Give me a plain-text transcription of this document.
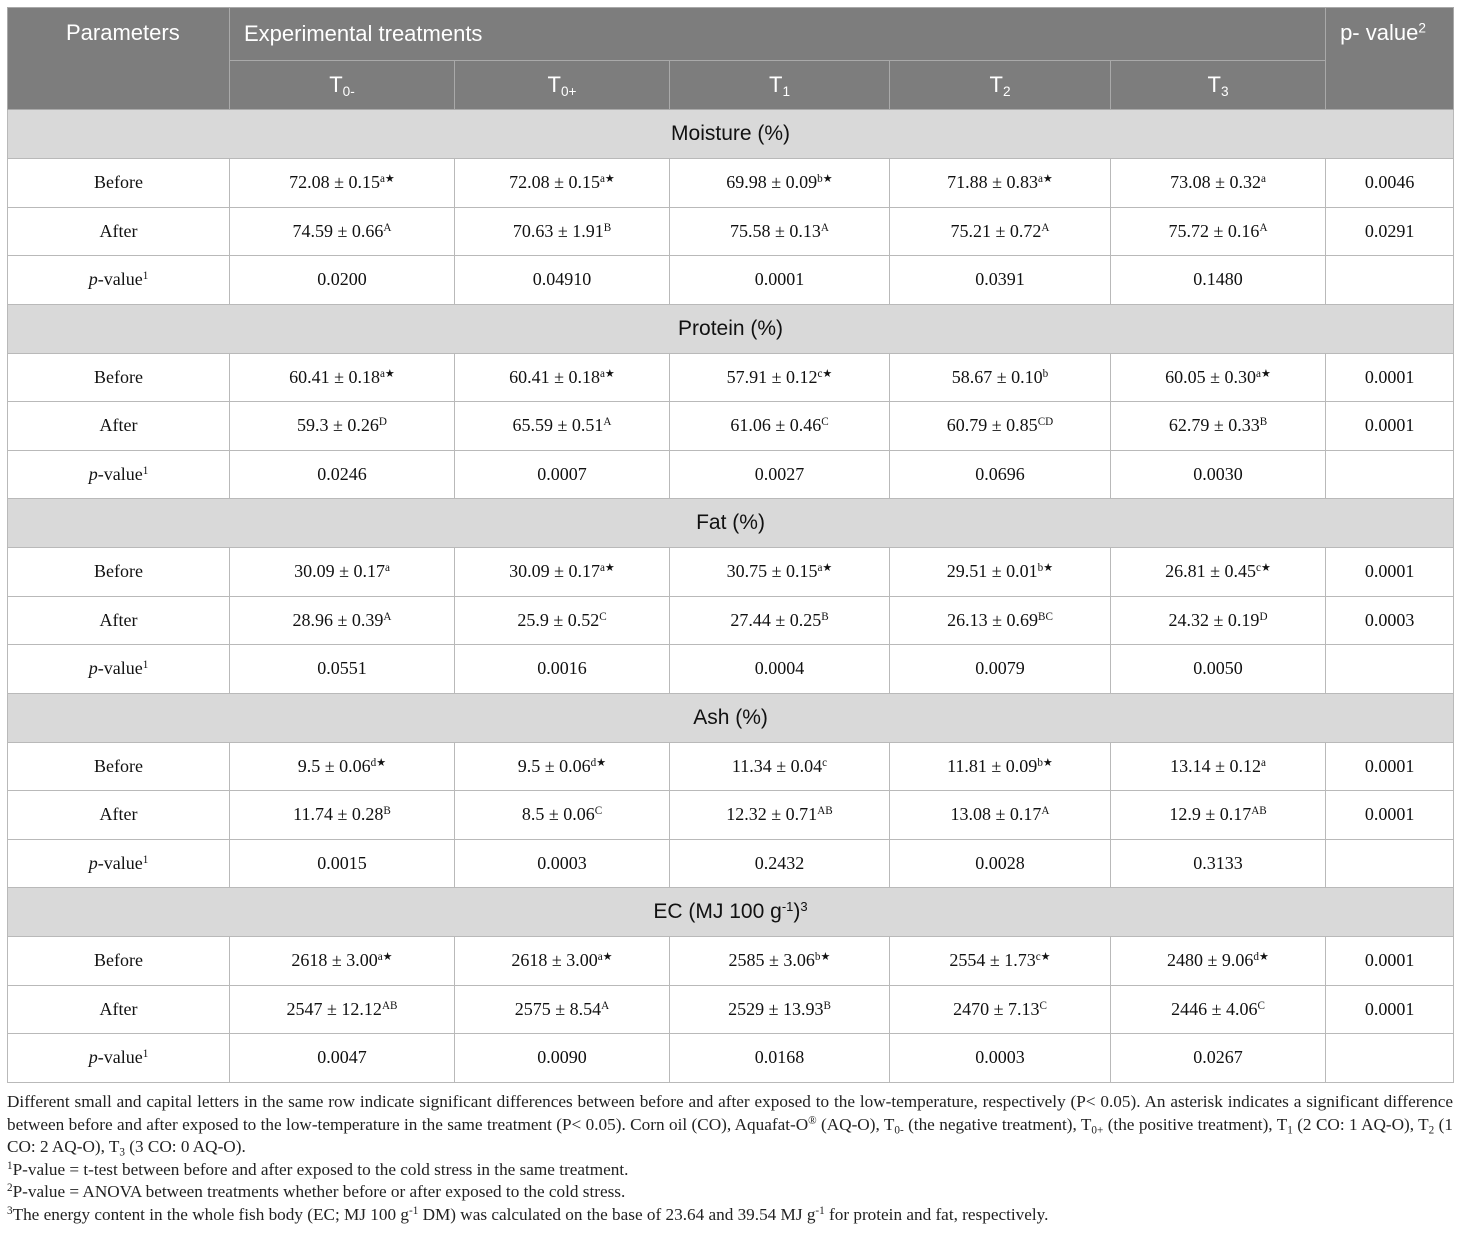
Parameters	Experimental treatments					p- value$^2$
	$T_{0-}$	$T_{0+}$	$T_1$	$T_2$	$T_3$
Moisture (%)						
Before	$72.08 \pm 0.15^{a★}$	$72.08 \pm 0.15^{a★}$	$69.98 \pm 0.09^{b★}$	$71.88 \pm 0.83^{a★}$	73.08 ± 0.32$^a$	0.0046
After	$74.59 \pm 0.66^A$	$70.63 \pm 1.91^B$	$75.58 \pm 0.13^A$	$75.21 \pm 0.72^A$	$75.72 \pm 0.16^A$	0.0291
p-value$^1$	0.0200	0.04910	0.0001	0.0391	0.1480	
Protein (%)						
Before	$60.41 \pm 0.18^{a★}$	$60.41 \pm 0.18^{a★}$	$57.91 \pm 0.12^{c★}$	58.67 ± 0.10$^b$	$60.05 \pm 0.30^{a★}$	0.0001
After	$59.3 \pm 0.26^D$	$65.59 \pm 0.51^A$	$61.06 \pm 0.46^C$	$60.79 \pm 0.85^{CD}$	$62.79 \pm 0.33^B$	0.0001
p-value$^1$	0.0246	0.0007	0.0027	0.0696	0.0030	
Fat (%)						
Before	30.09 ± 0.17$^a$	$30.09 \pm 0.17^{a★}$	$30.75 \pm 0.15^{a★}$	$29.51 \pm 0.01^{b★}$	$26.81 \pm 0.45^{c★}$	0.0001
After	$28.96 \pm 0.39^A$	$25.9 \pm 0.52^C$	$27.44 \pm 0.25^B$	$26.13 \pm 0.69^{BC}$	$24.32 \pm 0.19^D$	0.0003
p-value$^1$	0.0551	0.0016	0.0004	0.0079	0.0050	
Ash (%)						
Before	$9.5 \pm 0.06^{d★}$	$9.5 \pm 0.06^{d★}$	11.34 ± 0.04$^c$	$11.81 \pm 0.09^{b★}$	13.14 ± 0.12$^a$	0.0001
After	$11.74 \pm 0.28^B$	$8.5 \pm 0.06^C$	$12.32 \pm 0.71^{AB}$	$13.08 \pm 0.17^A$	$12.9 \pm 0.17^{AB}$	0.0001
p-value$^1$	0.0015	0.0003	0.2432	0.0028	0.3133	
EC (MJ 100 $g^{-1})^3$
Before	$2618 \pm 3.00^{a★}$	$2618 \pm 3.00^{a★}$	$2585 \pm 3.06^{b★}$	$2554 \pm 1.73^{c★}$	$2480 \pm 9.06^{d★}$	0.0001
After	$2547 \pm 12.12^{AB}$	$2575 \pm 8.54^A$	$2529 \pm 13.93^B$	$2470 \pm 7.13^C$	$2446 \pm 4.06^C$	0.0001
p-value$^1$	0.0047	0.0090	0.0168	0.0003	0.0267	

Different small and capital letters in the same row indicate significant differences between before and after exposed to the low-temperature, respectively (P< 0.05). An asterisk indicates a significant difference between before and after exposed to the low-temperature in the same treatment (P< 0.05). Corn oil (CO), Aquafat-O® (AQ-O), $T_{0-}$ (the negative treatment), $T_{0+}$ (the positive treatment), $T_1$ (2 CO: 1 AQ-O), $T_2$ (1 CO: 2 AQ-O), $T_3$ (3 CO: 0 AQ-O).

$^1$P-value = t-test between before and after exposed to the cold stress in the same treatment.

$^2$P-value = ANOVA between treatments whether before or after exposed to the cold stress.

$^3$The energy content in the whole fish body (EC; MJ 100 $g^{-1}$ DM) was calculated on the base of 23.64 and 39.54 MJ $g^{-1}$ for protein and fat, respectively.
